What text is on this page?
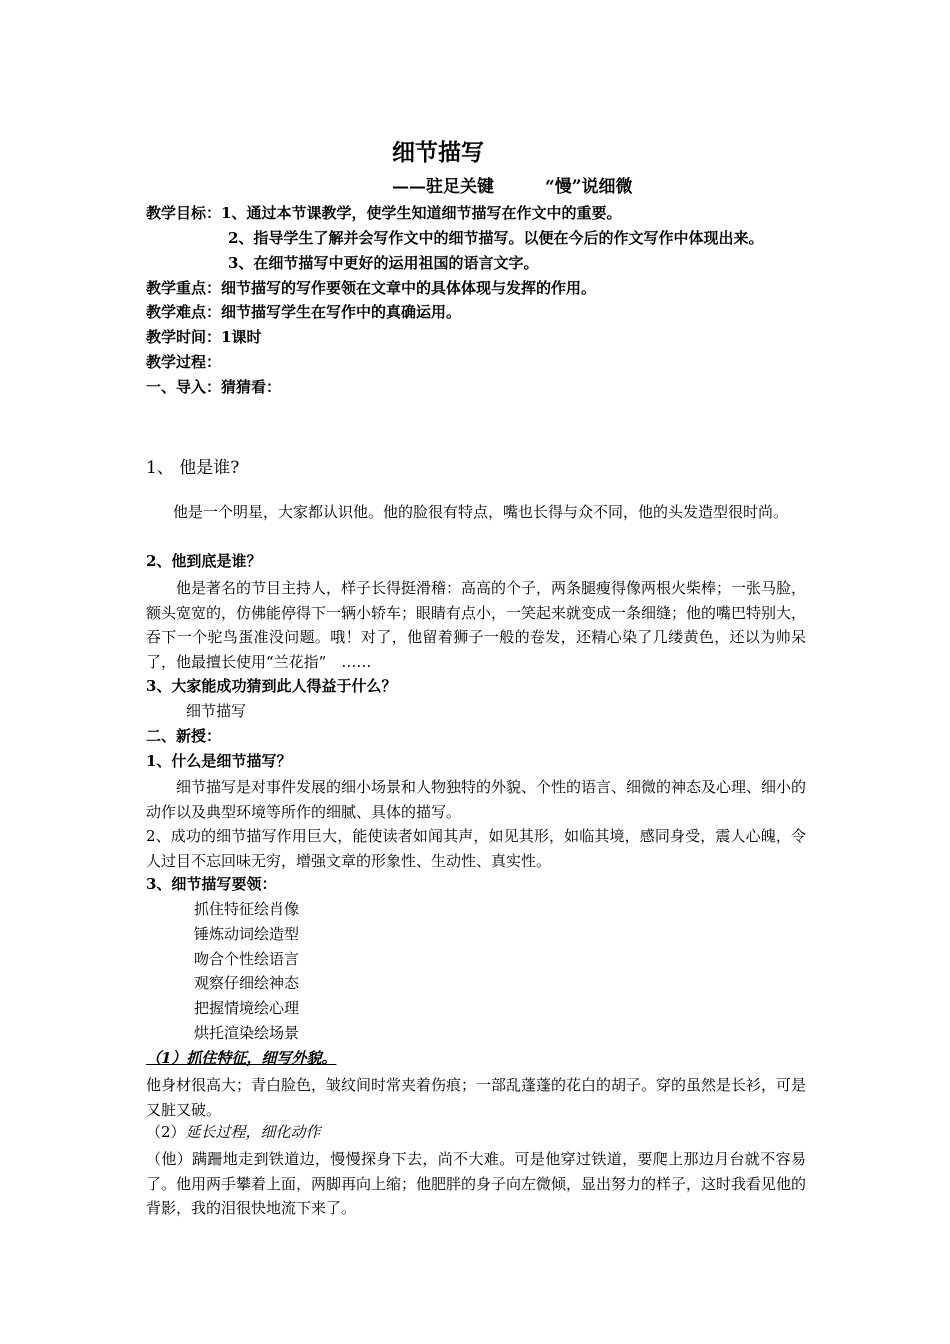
细节描写
——驻足关键　　　“慢”说细微
教学目标：1、通过本节课教学，使学生知道细节描写在作文中的重要。
2、指导学生了解并会写作文中的细节描写。以便在今后的作文写作中体现出来。
3、在细节描写中更好的运用祖国的语言文字。
教学重点：细节描写的写作要领在文章中的具体体现与发挥的作用。
教学难点：细节描写学生在写作中的真确运用。
教学时间：1课时
教学过程：
一、导入：猜猜看：
1、 他是谁?
他是一个明星，大家都认识他。他的脸很有特点，嘴也长得与众不同，他的头发造型很时尚。
2、他到底是谁？
他是著名的节目主持人，样子长得挺滑稽：高高的个子，两条腿瘦得像两根火柴棒；一张马脸，额头宽宽的，仿佛能停得下一辆小轿车；眼睛有点小，一笑起来就变成一条细缝；他的嘴巴特别大，吞下一个驼鸟蛋准没问题。哦！对了，他留着狮子一般的卷发，还精心染了几缕黄色，还以为帅呆了，他最擅长使用“兰花指”　……
3、大家能成功猜到此人得益于什么？
细节描写
二、新授：
1、什么是细节描写？
细节描写是对事件发展的细小场景和人物独特的外貌、个性的语言、细微的神态及心理、细小的动作以及典型环境等所作的细腻、具体的描写。
2、成功的细节描写作用巨大，能使读者如闻其声，如见其形，如临其境，感同身受，震人心魄，令人过目不忘回味无穷，增强文章的形象性、生动性、真实性。
3、细节描写要领：
抓住特征绘肖像
锤炼动词绘造型
吻合个性绘语言
观察仔细绘神态
把握情境绘心理
烘托渲染绘场景
（1）抓住特征，细写外貌。
他身材很高大；青白脸色，皱纹间时常夹着伤痕；一部乱蓬蓬的花白的胡子。穿的虽然是长衫，可是又脏又破。
（2）延长过程，细化动作
（他）蹒跚地走到铁道边，慢慢探身下去，尚不大难。可是他穿过铁道，要爬上那边月台就不容易了。他用两手攀着上面，两脚再向上缩；他肥胖的身子向左微倾，显出努力的样子，这时我看见他的背影，我的泪很快地流下来了。
